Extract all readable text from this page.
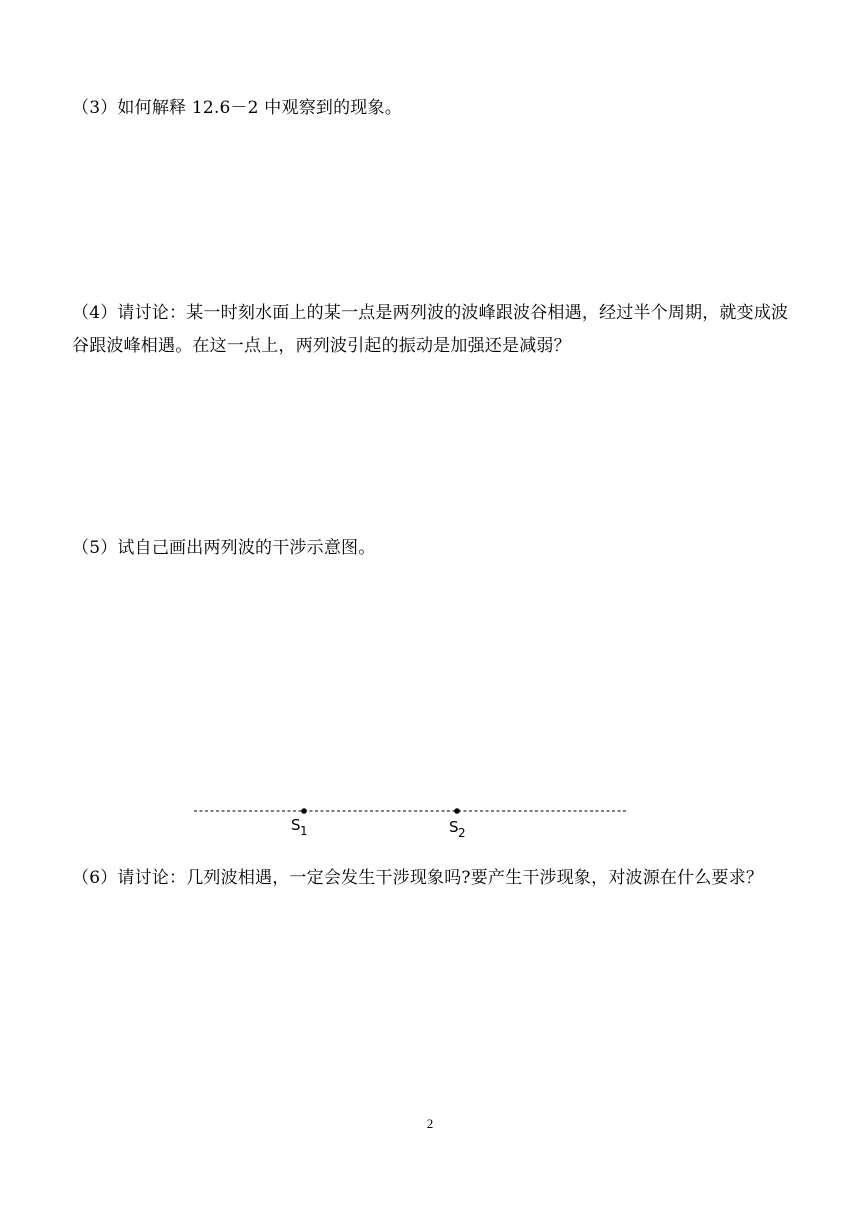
（3）如何解释 12.6－2 中观察到的现象。

（4）请讨论：某一时刻水面上的某一点是两列波的波峰跟波谷相遇，经过半个周期，就变成波谷跟波峰相遇。在这一点上，两列波引起的振动是加强还是减弱？

（5）试自己画出两列波的干涉示意图。

S 1	S 2

（6）请讨论：几列波相遇，一定会发生干涉现象吗?要产生干涉现象，对波源在什么要求？

2
